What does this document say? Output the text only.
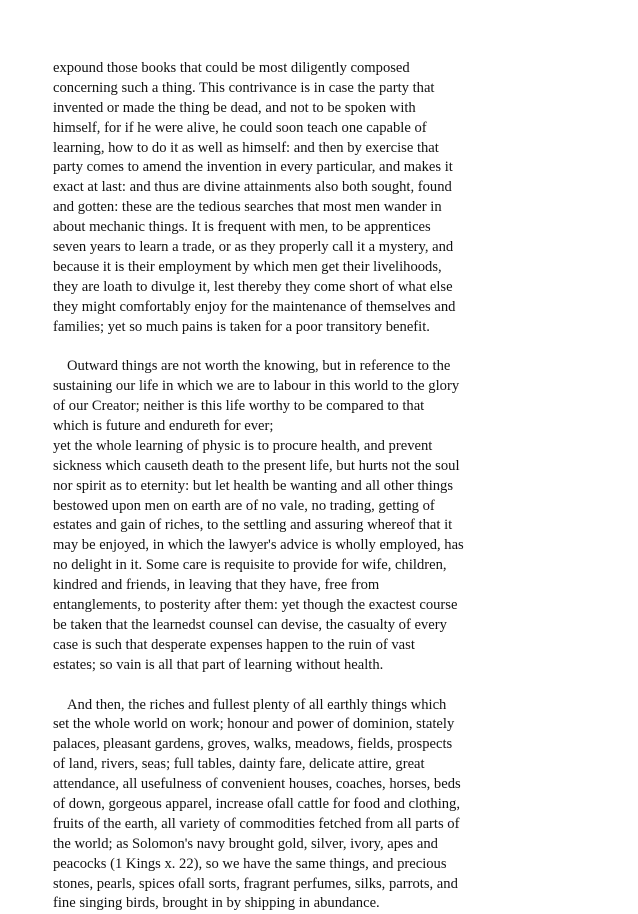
expound those books that could be most diligently composed
concerning such a thing. This contrivance is in case the party that
invented or made the thing be dead, and not to be spoken with
himself, for if he were alive, he could soon teach one capable of
learning, how to do it as well as himself: and then by exercise that
party comes to amend the invention in every particular, and makes it
exact at last: and thus are divine attainments also both sought, found
and gotten: these are the tedious searches that most men wander in
about mechanic things. It is frequent with men, to be apprentices
seven years to learn a trade, or as they properly call it a mystery, and
because it is their employment by which men get their livelihoods,
they are loath to divulge it, lest thereby they come short of what else
they might comfortably enjoy for the maintenance of themselves and
families; yet so much pains is taken for a poor transitory benefit.
Outward things are not worth the knowing, but in reference to the
sustaining our life in which we are to labour in this world to the glory
of our Creator; neither is this life worthy to be compared to that
which is future and endureth for ever;
yet the whole learning of physic is to procure health, and prevent
sickness which causeth death to the present life, but hurts not the soul
nor spirit as to eternity: but let health be wanting and all other things
bestowed upon men on earth are of no vale, no trading, getting of
estates and gain of riches, to the settling and assuring whereof that it
may be enjoyed, in which the lawyer's advice is wholly employed, has
no delight in it. Some care is requisite to provide for wife, children,
kindred and friends, in leaving that they have, free from
entanglements, to posterity after them: yet though the exactest course
be taken that the learnedst counsel can devise, the casualty of every
case is such that desperate expenses happen to the ruin of vast
estates; so vain is all that part of learning without health.
And then, the riches and fullest plenty of all earthly things which
set the whole world on work; honour and power of dominion, stately
palaces, pleasant gardens, groves, walks, meadows, fields, prospects
of land, rivers, seas; full tables, dainty fare, delicate attire, great
attendance, all usefulness of convenient houses, coaches, horses, beds
of down, gorgeous apparel, increase ofall cattle for food and clothing,
fruits of the earth, all variety of commodities fetched from all parts of
the world; as Solomon's navy brought gold, silver, ivory, apes and
peacocks (1 Kings x. 22), so we have the same things, and precious
stones, pearls, spices ofall sorts, fragrant perfumes, silks, parrots, and
fine singing birds, brought in by shipping in abundance.
